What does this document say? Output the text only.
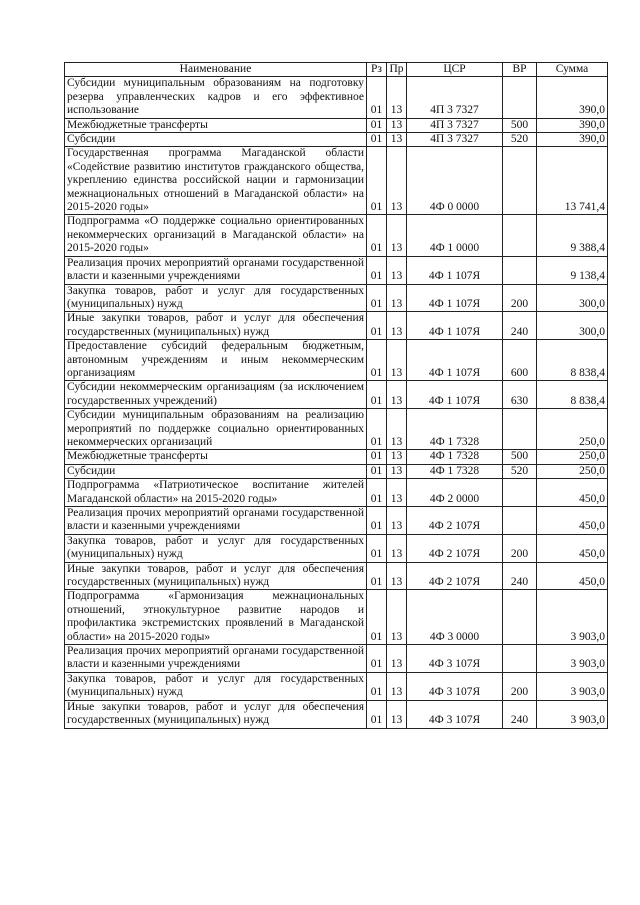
Наименование	Рз	Пр	ЦСР	ВР	Сумма
Субсидии муниципальным образованиям на подготовку резерва управленческих кадров и его эффективное использование	01	13	4П 3 7327		390,0
Межбюджетные трансферты	01	13	4П 3 7327	500	390,0
Субсидии	01	13	4П 3 7327	520	390,0
Государственная программа Магаданской области «Содействие развитию институтов гражданского общества, укреплению единства российской нации и гармонизации межнациональных отношений в Магаданской области» на 2015-2020 годы»	01	13	4Ф 0 0000		13 741,4
Подпрограмма «О поддержке социально ориентированных некоммерческих организаций в Магаданской области» на 2015-2020 годы»	01	13	4Ф 1 0000		9 388,4
Реализация прочих мероприятий органами государственной власти и казенными учреждениями	01	13	4Ф 1 107Я		9 138,4
Закупка товаров, работ и услуг для государственных (муниципальных) нужд	01	13	4Ф 1 107Я	200	300,0
Иные закупки товаров, работ и услуг для обеспечения государственных (муниципальных) нужд	01	13	4Ф 1 107Я	240	300,0
Предоставление субсидий федеральным бюджетным, автономным учреждениям и иным некоммерческим организациям	01	13	4Ф 1 107Я	600	8 838,4
Субсидии некоммерческим организациям (за исключением государственных учреждений)	01	13	4Ф 1 107Я	630	8 838,4
Субсидии муниципальным образованиям на реализацию мероприятий по поддержке социально ориентированных некоммерческих организаций	01	13	4Ф 1 7328		250,0
Межбюджетные трансферты	01	13	4Ф 1 7328	500	250,0
Субсидии	01	13	4Ф 1 7328	520	250,0
Подпрограмма «Патриотическое воспитание жителей Магаданской области» на 2015-2020 годы»	01	13	4Ф 2 0000		450,0
Реализация прочих мероприятий органами государственной власти и казенными учреждениями	01	13	4Ф 2 107Я		450,0
Закупка товаров, работ и услуг для государственных (муниципальных) нужд	01	13	4Ф 2 107Я	200	450,0
Иные закупки товаров, работ и услуг для обеспечения государственных (муниципальных) нужд	01	13	4Ф 2 107Я	240	450,0
Подпрограмма «Гармонизация межнациональных отношений, этнокультурное развитие народов и профилактика экстремистских проявлений в Магаданской области» на 2015-2020 годы»	01	13	4Ф 3 0000		3 903,0
Реализация прочих мероприятий органами государственной власти и казенными учреждениями	01	13	4Ф 3 107Я		3 903,0
Закупка товаров, работ и услуг для государственных (муниципальных) нужд	01	13	4Ф 3 107Я	200	3 903,0
Иные закупки товаров, работ и услуг для обеспечения государственных (муниципальных) нужд	01	13	4Ф 3 107Я	240	3 903,0
